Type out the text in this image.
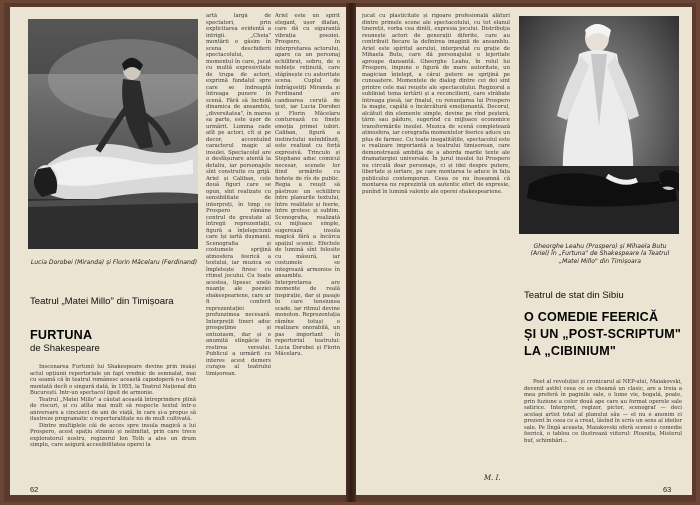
Lucia Dorobei (Miranda) și Florin Măcelaru (Ferdinand)

Teatrul „Matei Millo" din Timișoara

FURTUNA

de Shakespeare

Inscenarea Furtunii lui Shakespeare devine prin însăși actul opțiunii repertoriale un fapt vrednic de semnalat, mai cu seamă că în teatrul românesc această capodoperă n-a fost montată decît o singură dată, în 1955, la Teatrul Național din București. Intr-un spectacol lipsit de armonie.

Teatrul „Matei Millo" a căutat această întreprindere plină de riscuri, și cu atîta mai mult să respecte textul într-o aniversare a cincizeci de ani de viață, în care și-a propus să ilustreze programatic o reperturalitate nu de mult cultivată.

Dintre multiplele căi de acces spre insula magică a lui Prospero, acest spațiu straniu și nelimitat, prin care trece exploratorul nostru, regizorul Ion Toth a ales un drum simplu, care asigură accesibilitatea operei la

artă largă de spectatori, prin explicitarea evidentă a intrigii. „Cheia" montării o găsim în scena deschiderii spectacolului, momentul în care, jucat cu multă expresivitate de trupa de actori, exprimă fundalul spre care se îndreaptă întreaga punere în scenă. Fără să închidă dinamica de ansamblu, „diversitatea", în marea sa parte, este ușor de urmărit. Lumina cade atît pe actori, cît și pe decor, accentuînd caracterul magic al insulei. Spectacolul are o desfășurare atentă la detaliu, iar personajele sînt construite cu grijă. Ariel și Caliban, cele două figuri care se opun, sînt realizate cu sensibilitate de interpreți, în timp ce Prospero rămâne centrul de greutate al întregii reprezentații, figură a înțelepciunii care își iartă dușmanii. Scenografia și costumele sprijină atmosfera feerică a textului, iar muzica se împletește firesc cu ritmul jocului. Cu toate acestea, lipsesc unele nuanțe ale poeziei shakespeariene, care ar fi conferit reprezentației profunzimea necesară. Interpreții tineri aduc prospețime și entuziasm, dar și o anumită stîngăcie în rostirea versului. Publicul a urmărit cu interes acest demers curajos al teatrului timișorean.

Ariel este un spirit elegant, ușor diafan, care dă cu siguranță vibrația poeziei. Prospero, în interpretarea actorului, apare ca un personaj echilibrat, sobru, de o noblețe reținută, care stăpînește cu autoritate scena. Cuplul de îndrăgostiți Miranda și Ferdinand are candoarea cerută de text, iar Lucia Dorobei și Florin Măcelaru conturează cu finețe emoția primei iubiri. Caliban, figură a instinctului neîmblînzit, este realizat cu forță expresivă. Trinculo și Stephano aduc comicul necesar, scenele lor fiind urmărite cu hohote de rîs de public. Regia a reușit să păstreze un echilibru între planurile textului, între realitate și feerie, între grotesc și sublim. Scenografia, realizată cu mijloace simple, sugerează insula magică fără a încărca spațiul scenic. Efectele de lumină sînt folosite cu măsură, iar costumele se integrează armonios în ansamblu. Interpretarea are momente de reală inspirație, dar și pasaje în care tensiunea scade, iar ritmul devine monoton. Reprezentația rămîne totuși o realizare onorabilă, un pas important în repertoriul teatrului: Lucia Dorobei și Florin Măcelaru.

62

jucat cu plasticitate și rigoare profesională alături dintre primele scene ale spectacolului, cu tot elanul tinereții, vorba cea dintîi, expresia jocului. Distribuția reunește actori de generații diferite, care au contribuit fiecare la definirea imaginii de ansamblu. Ariel este spiritul aerului, interpretat cu grație de Mihaela Butu, care dă personajului o lejeritate aproape dansantă. Gheorghe Leahu, în rolul lui Prospero, impune o figură de mare autoritate, un magician înțelept, a cărui putere se sprijină pe cunoaștere. Momentele de dialog dintre cei doi sînt printre cele mai reușite ale spectacolului. Regizorul a subliniat tema iertării și a reconcilierii, care străbate întreaga piesă, iar finalul, cu renunțarea lui Prospero la magie, capătă o încărcătură emoționantă. Decorul, alcătuit din elemente simple, devine pe rînd peșteră, țărm sau pădure, sugerînd cu mijloace economice transformările insulei. Muzica de scenă completează atmosfera, iar coregrafia momentelor feerice aduce un plus de farmec. Cu toate inegalitățile, spectacolul este o realizare importantă a teatrului timișorean, care demonstrează ambiția de a aborda marile texte ale dramaturgiei universale. În jurul insulei lui Prospero nu circulă doar personaje, ci și idei despre putere, libertate și iertare, pe care montarea le aduce în fața publicului contemporan. Ceea ce nu înseamnă că montarea nu reprezintă un autentic efort de expresie, punînd în lumină valențe ale operei shakespeariene.

M. I.

Gheorghe Leahu (Prospero) și Mihaela Butu (Ariel) în „Furtuna" de Shakespeare la Teatrul „Matei Millo" din Timișoara

Teatrul de stat din Sibiu

O COMEDIE FEERICĂ

ȘI UN „POST-SCRIPTUM"

LA „CIBINIUM"

Poet al revoluției și cronicarul al NEP-ului, Maiakovski, devenit astfel ceea ce se cheamă un clasic, are a treia a mea preferă în paginile sale, o lume vie, bogată, poate, prin fuziune a celor două ape care au format operele sale satirice. Interpret, regizor, pictor, scenograf — deci același artist total al planului său — el nu e anonim ci prezent în ceea ce a creat, lăsînd în scris un sens al ideilor sale. Pe lîngă aceasta, Maiakovski oferă scenei o comedie feerică, o tablou ce ilustrează viitorul: Ploșnița, Misterul buf, schimbări...

63
